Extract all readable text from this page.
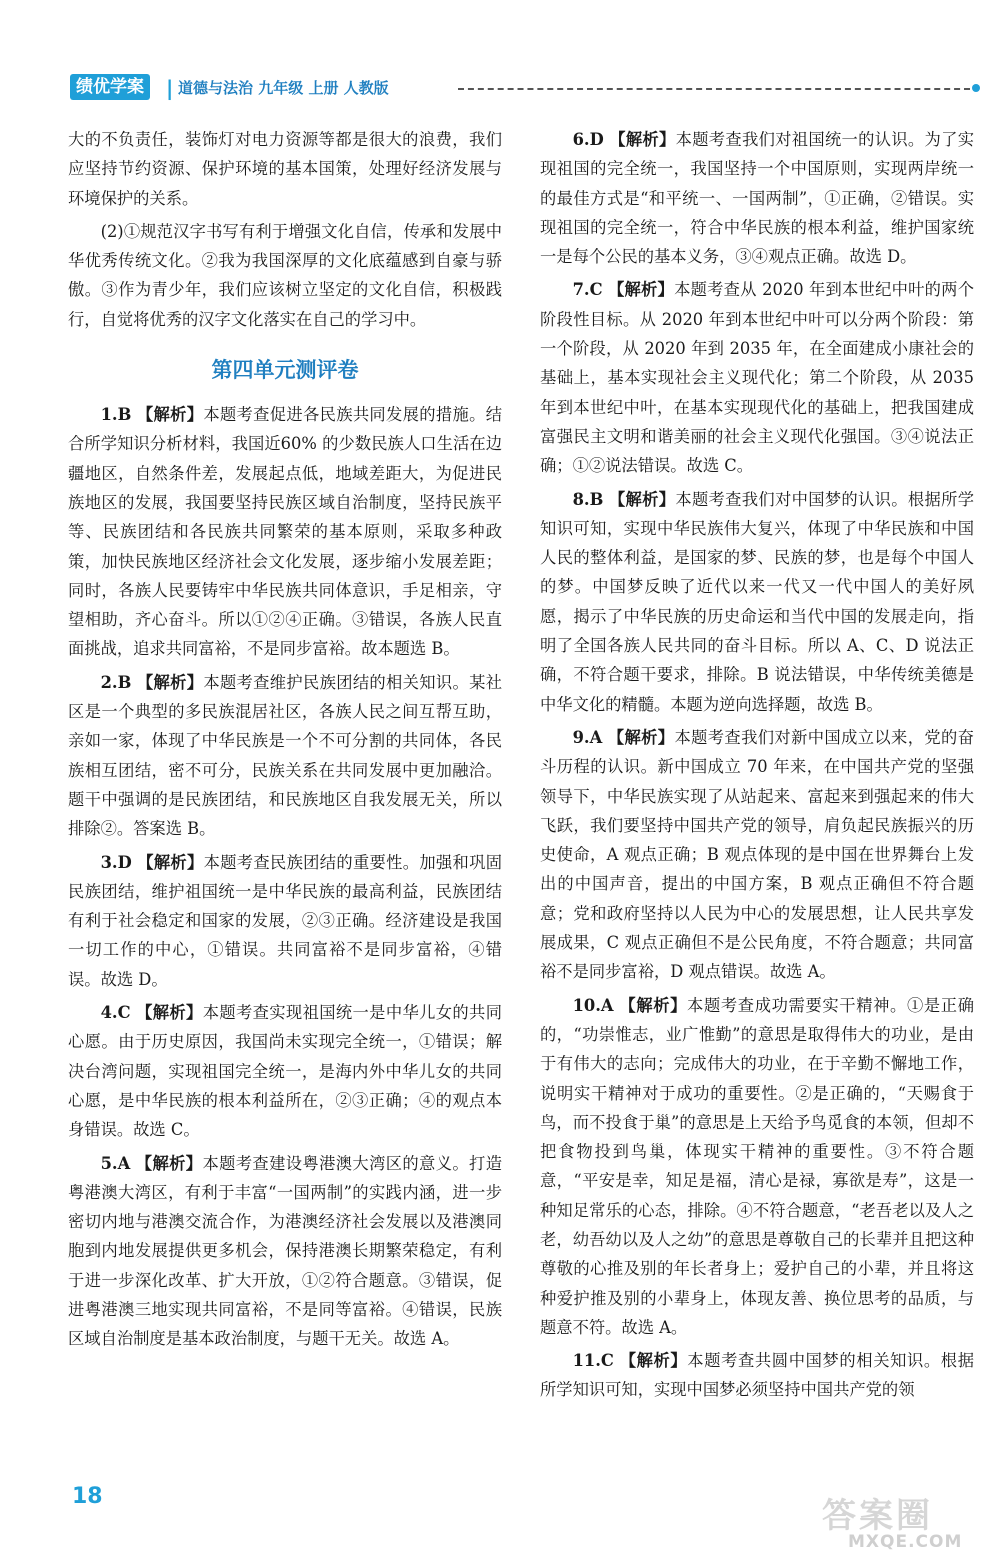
绩优学案	| 道德与法治 九年级 上册 人教版

大的不负责任，装饰灯对电力资源等都是很大的浪费，我们应坚持节约资源、保护环境的基本国策，处理好经济发展与环境保护的关系。

(2)①规范汉字书写有利于增强文化自信，传承和发展中华优秀传统文化。②我为我国深厚的文化底蕴感到自豪与骄傲。③作为青少年，我们应该树立坚定的文化自信，积极践行，自觉将优秀的汉字文化落实在自己的学习中。

第四单元测评卷

1.B 【解析】本题考查促进各民族共同发展的措施。结合所学知识分析材料，我国近60% 的少数民族人口生活在边疆地区，自然条件差，发展起点低，地域差距大，为促进民族地区的发展，我国要坚持民族区域自治制度，坚持民族平等、民族团结和各民族共同繁荣的基本原则，采取多种政策，加快民族地区经济社会文化发展，逐步缩小发展差距；同时，各族人民要铸牢中华民族共同体意识，手足相亲，守望相助，齐心奋斗。所以①②④正确。③错误，各族人民直面挑战，追求共同富裕，不是同步富裕。故本题选 B。

2.B 【解析】本题考查维护民族团结的相关知识。某社区是一个典型的多民族混居社区，各族人民之间互帮互助，亲如一家，体现了中华民族是一个不可分割的共同体，各民族相互团结，密不可分，民族关系在共同发展中更加融洽。题干中强调的是民族团结，和民族地区自我发展无关，所以排除②。答案选 B。

3.D 【解析】本题考查民族团结的重要性。加强和巩固民族团结，维护祖国统一是中华民族的最高利益，民族团结有利于社会稳定和国家的发展，②③正确。经济建设是我国一切工作的中心，①错误。共同富裕不是同步富裕，④错误。故选 D。

4.C 【解析】本题考查实现祖国统一是中华儿女的共同心愿。由于历史原因，我国尚未实现完全统一，①错误；解决台湾问题，实现祖国完全统一，是海内外中华儿女的共同心愿，是中华民族的根本利益所在，②③正确；④的观点本身错误。故选 C。

5.A 【解析】本题考查建设粤港澳大湾区的意义。打造粤港澳大湾区，有利于丰富“一国两制”的实践内涵，进一步密切内地与港澳交流合作，为港澳经济社会发展以及港澳同胞到内地发展提供更多机会，保持港澳长期繁荣稳定，有利于进一步深化改革、扩大开放，①②符合题意。③错误，促进粤港澳三地实现共同富裕，不是同等富裕。④错误，民族区域自治制度是基本政治制度，与题干无关。故选 A。

6.D 【解析】本题考查我们对祖国统一的认识。为了实现祖国的完全统一，我国坚持一个中国原则，实现两岸统一的最佳方式是“和平统一、一国两制”，①正确，②错误。实现祖国的完全统一，符合中华民族的根本利益，维护国家统一是每个公民的基本义务，③④观点正确。故选 D。

7.C 【解析】本题考查从 2020 年到本世纪中叶的两个阶段性目标。从 2020 年到本世纪中叶可以分两个阶段：第一个阶段，从 2020 年到 2035 年，在全面建成小康社会的基础上，基本实现社会主义现代化；第二个阶段，从 2035 年到本世纪中叶，在基本实现现代化的基础上，把我国建成富强民主文明和谐美丽的社会主义现代化强国。③④说法正确；①②说法错误。故选 C。

8.B 【解析】本题考查我们对中国梦的认识。根据所学知识可知，实现中华民族伟大复兴，体现了中华民族和中国人民的整体利益，是国家的梦、民族的梦，也是每个中国人的梦。中国梦反映了近代以来一代又一代中国人的美好夙愿，揭示了中华民族的历史命运和当代中国的发展走向，指明了全国各族人民共同的奋斗目标。所以 A、C、D 说法正确，不符合题干要求，排除。B 说法错误，中华传统美德是中华文化的精髓。本题为逆向选择题，故选 B。

9.A 【解析】本题考查我们对新中国成立以来，党的奋斗历程的认识。新中国成立 70 年来，在中国共产党的坚强领导下，中华民族实现了从站起来、富起来到强起来的伟大飞跃，我们要坚持中国共产党的领导，肩负起民族振兴的历史使命，A 观点正确；B 观点体现的是中国在世界舞台上发出的中国声音，提出的中国方案，B 观点正确但不符合题意；党和政府坚持以人民为中心的发展思想，让人民共享发展成果，C 观点正确但不是公民角度，不符合题意；共同富裕不是同步富裕，D 观点错误。故选 A。

10.A 【解析】本题考查成功需要实干精神。①是正确的，“功崇惟志，业广惟勤”的意思是取得伟大的功业，是由于有伟大的志向；完成伟大的功业，在于辛勤不懈地工作，说明实干精神对于成功的重要性。②是正确的，“天赐食于鸟，而不投食于巢”的意思是上天给予鸟觅食的本领，但却不把食物投到鸟巢，体现实干精神的重要性。③不符合题意，“平安是幸，知足是福，清心是禄，寡欲是寿”，这是一种知足常乐的心态，排除。④不符合题意，“老吾老以及人之老，幼吾幼以及人之幼”的意思是尊敬自己的长辈并且把这种尊敬的心推及别的年长者身上；爱护自己的小辈，并且将这种爱护推及别的小辈身上，体现友善、换位思考的品质，与题意不符。故选 A。

11.C 【解析】本题考查共圆中国梦的相关知识。根据所学知识可知，实现中国梦必须坚持中国共产党的领

18	答案圈
MXQE.COM
